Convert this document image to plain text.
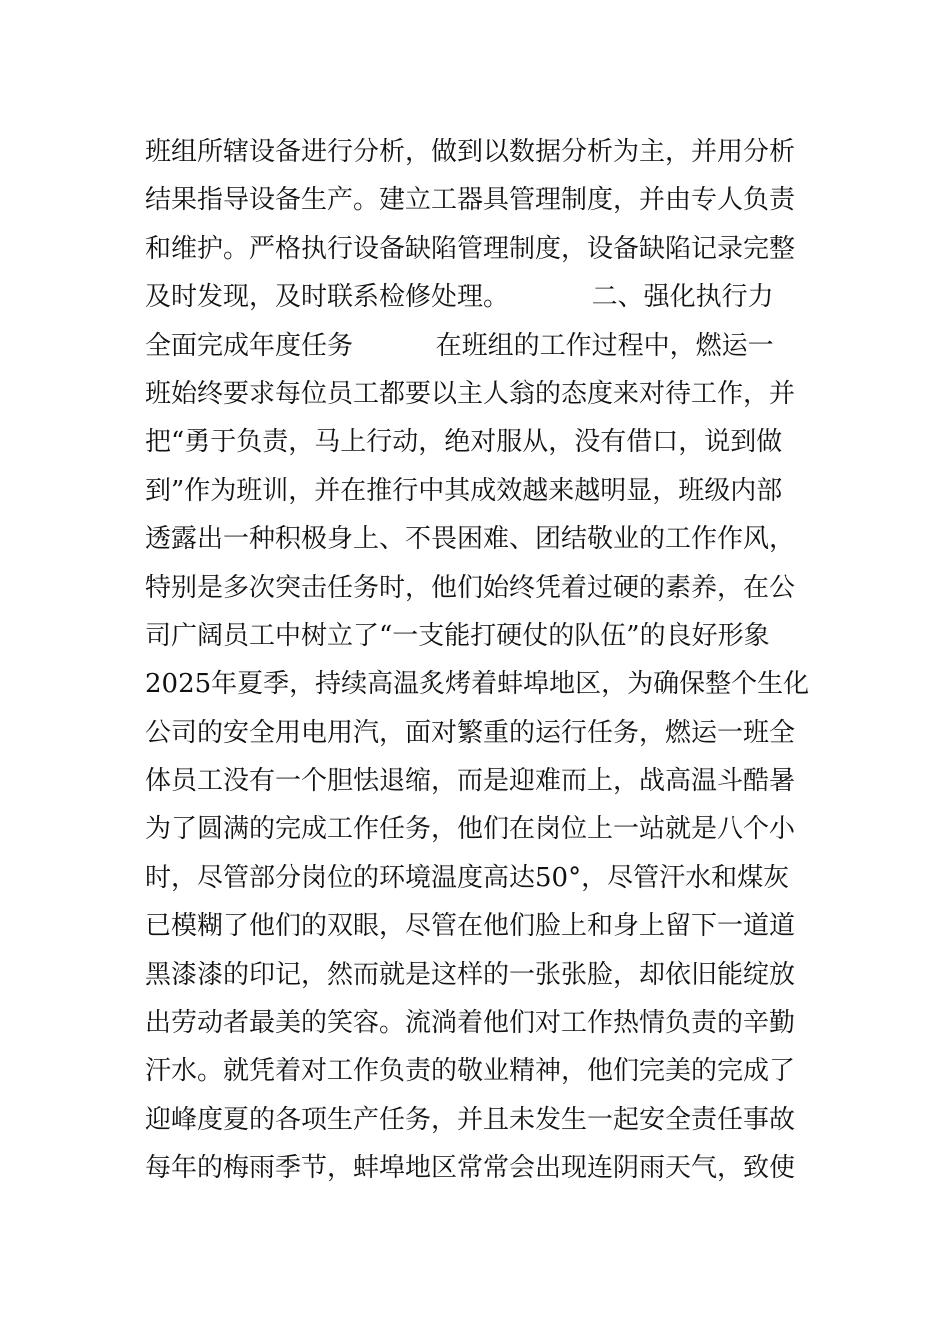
班组所辖设备进行分析，做到以数据分析为主，并用分析
结果指导设备生产。建立工器具管理制度，并由专人负责
和维护。严格执行设备缺陷管理制度，设备缺陷记录完整
及时发现，及时联系检修处理。          二、强化执行力
全面完成年度任务          在班组的工作过程中，燃运一
班始终要求每位员工都要以主人翁的态度来对待工作，并
把“勇于负责，马上行动，绝对服从，没有借口，说到做
到”作为班训，并在推行中其成效越来越明显，班级内部
透露出一种积极身上、不畏困难、团结敬业的工作作风，
特别是多次突击任务时，他们始终凭着过硬的素养，在公
司广阔员工中树立了“一支能打硬仗的队伍”的良好形象
2025年夏季，持续高温炙烤着蚌埠地区，为确保整个生化
公司的安全用电用汽，面对繁重的运行任务，燃运一班全
体员工没有一个胆怯退缩，而是迎难而上，战高温斗酷暑
为了圆满的完成工作任务，他们在岗位上一站就是八个小
时，尽管部分岗位的环境温度高达50°，尽管汗水和煤灰
已模糊了他们的双眼，尽管在他们脸上和身上留下一道道
黑漆漆的印记，然而就是这样的一张张脸，却依旧能绽放
出劳动者最美的笑容。流淌着他们对工作热情负责的辛勤
汗水。就凭着对工作负责的敬业精神，他们完美的完成了
迎峰度夏的各项生产任务，并且未发生一起安全责任事故
每年的梅雨季节，蚌埠地区常常会出现连阴雨天气，致使
